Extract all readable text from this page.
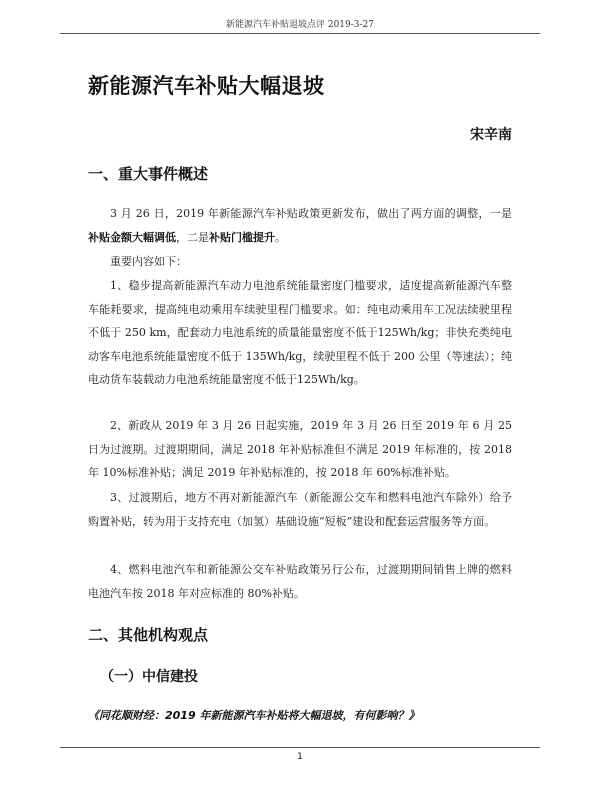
新能源汽车补贴退坡点评 2019-3-27
新能源汽车补贴大幅退坡
宋辛南
一、重大事件概述

3 月 26 日，2019 年新能源汽车补贴政策更新发布，做出了两方面的调整，一是补贴金额大幅调低，二是补贴门槛提升。

重要内容如下：

1、稳步提高新能源汽车动力电池系统能量密度门槛要求，适度提高新能源汽车整车能耗要求，提高纯电动乘用车续驶里程门槛要求。如：纯电动乘用车工况法续驶里程不低于 250 km，配套动力电池系统的质量能量密度不低于125Wh/kg；非快充类纯电动客车电池系统能量密度不低于 135Wh/kg，续驶里程不低于 200 公里（等速法）；纯电动货车装载动力电池系统能量密度不低于125Wh/kg。

2、新政从 2019 年 3 月 26 日起实施，2019 年 3 月 26 日至 2019 年 6 月 25 日为过渡期。过渡期期间，满足 2018 年补贴标准但不满足 2019 年标准的，按 2018 年 10%标准补贴；满足 2019 年补贴标准的，按 2018 年 60%标准补贴。

3、过渡期后，地方不再对新能源汽车（新能源公交车和燃料电池汽车除外）给予购置补贴，转为用于支持充电（加氢）基础设施“短板”建设和配套运营服务等方面。

4、燃料电池汽车和新能源公交车补贴政策另行公布，过渡期期间销售上牌的燃料电池汽车按 2018 年对应标准的 80%补贴。

二、其他机构观点
（一）中信建投
《同花顺财经：2019 年新能源汽车补贴将大幅退坡，有何影响？》
1
